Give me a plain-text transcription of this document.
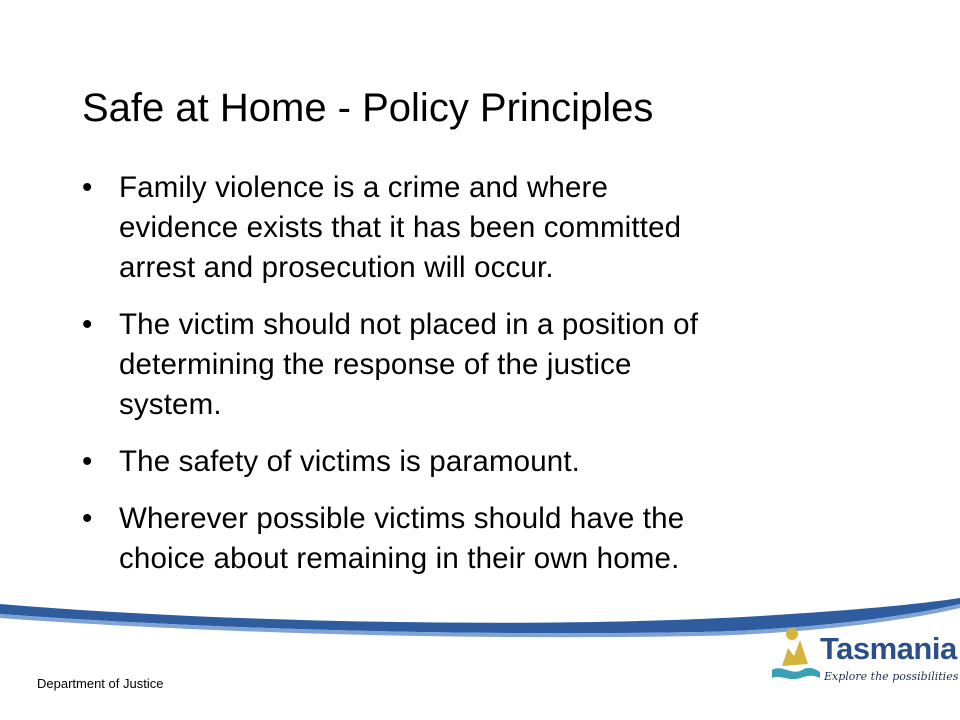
Safe at Home - Policy Principles
• Family violence is a crime and where
evidence exists that it has been committed
arrest and prosecution will occur.
• The victim should not placed in a position of
determining the response of the justice
system.
• The safety of victims is paramount.
• Wherever possible victims should have the
choice about remaining in their own home.
Department of Justice
Tasmania
Explore the possibilities
